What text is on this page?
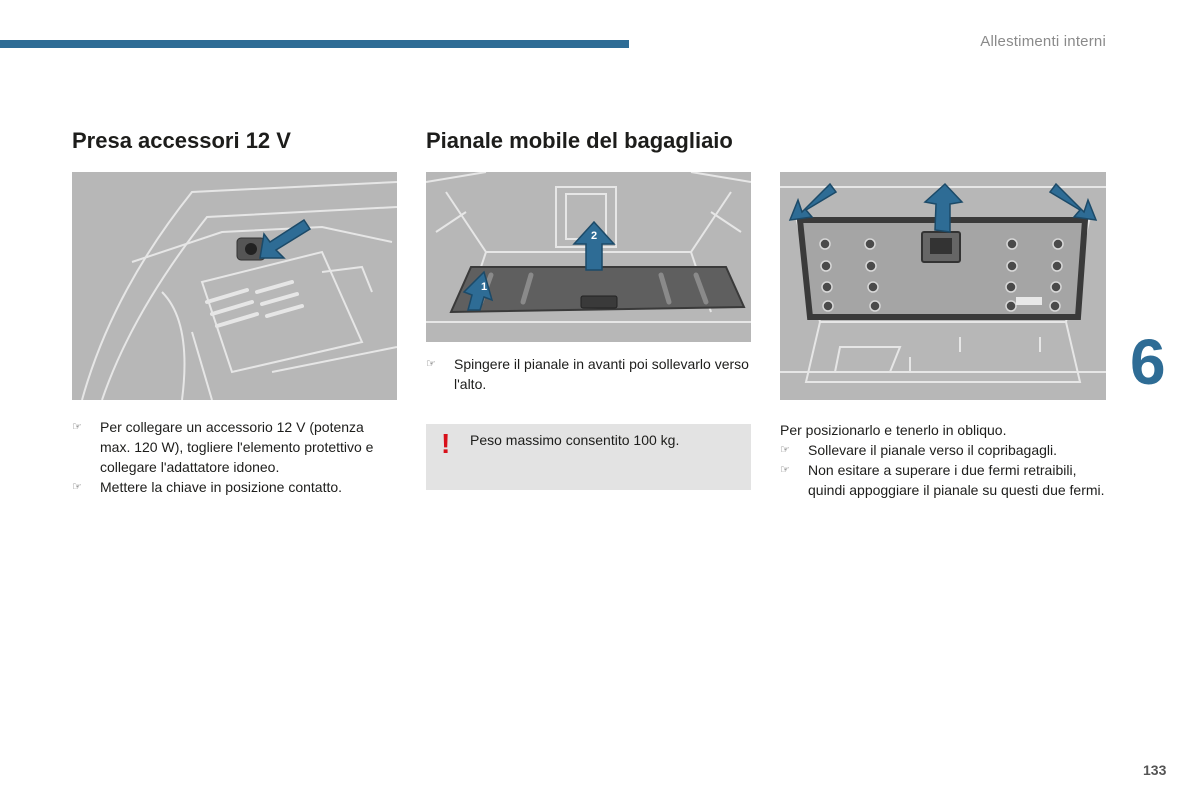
Allestimenti interni
Presa accessori 12 V
☞ Per collegare un accessorio 12 V (potenza max. 120 W), togliere l'elemento protettivo e collegare l'adattatore idoneo.
☞ Mettere la chiave in posizione contatto.
Pianale mobile del bagagliaio
1
2
☞ Spingere il pianale in avanti poi sollevarlo verso l'alto.
! Peso massimo consentito 100 kg.

Per posizionarlo e tenerlo in obliquo.

☞ Sollevare il pianale verso il copribagagli.
☞ Non esitare a superare i due fermi retraibili, quindi appoggiare il pianale su questi due fermi.
6
133
